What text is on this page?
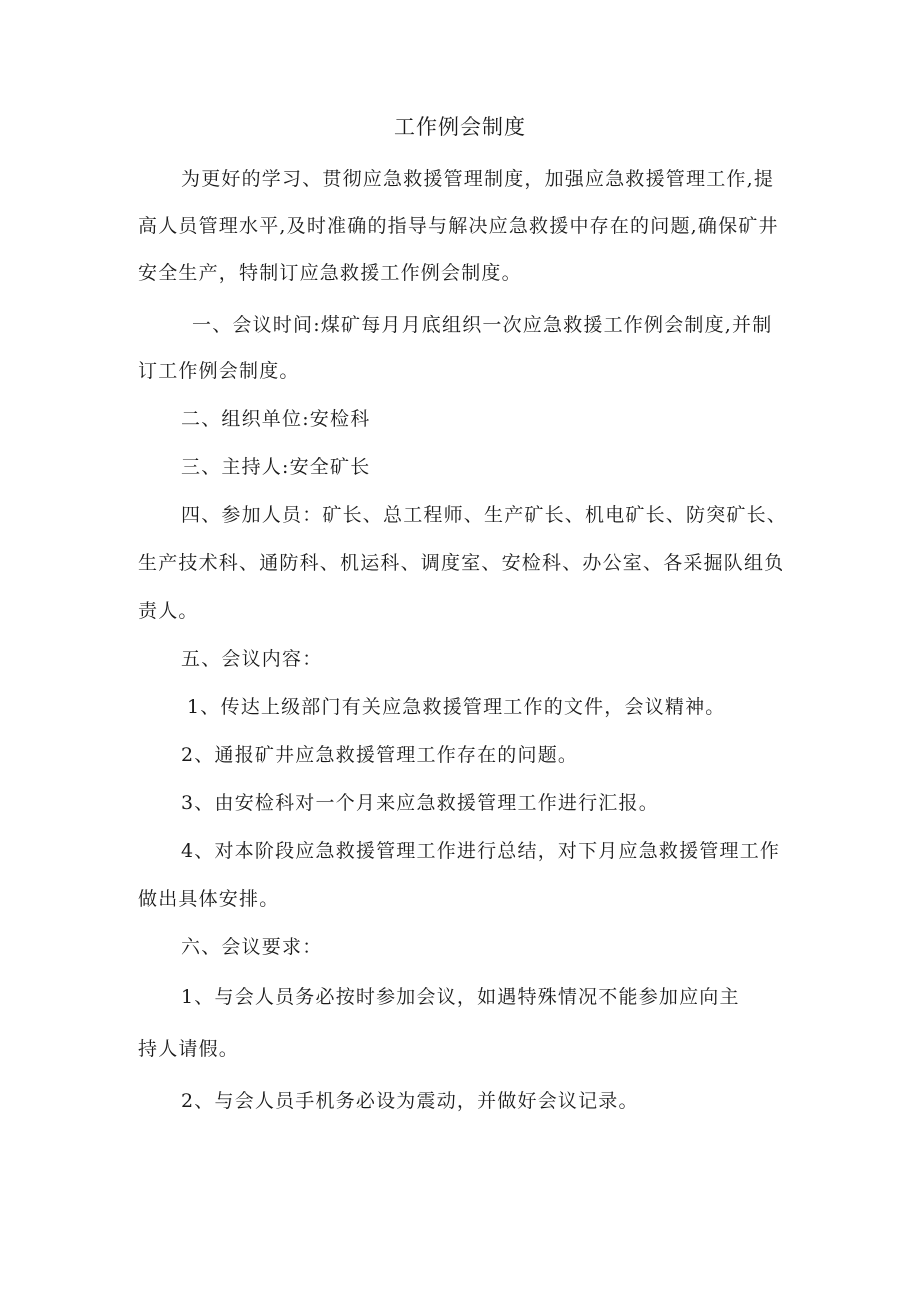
工作例会制度
为更好的学习、贯彻应急救援管理制度，加强应急救援管理工作,提
高人员管理水平,及时准确的指导与解决应急救援中存在的问题,确保矿井
安全生产，特制订应急救援工作例会制度。
一、会议时间:煤矿每月月底组织一次应急救援工作例会制度,并制
订工作例会制度。
二、组织单位:安检科
三、主持人:安全矿长
四、参加人员：矿长、总工程师、生产矿长、机电矿长、防突矿长、
生产技术科、通防科、机运科、调度室、安检科、办公室、各采掘队组负
责人。
五、会议内容：
1、传达上级部门有关应急救援管理工作的文件，会议精神。
2、通报矿井应急救援管理工作存在的问题。
3、由安检科对一个月来应急救援管理工作进行汇报。
4、对本阶段应急救援管理工作进行总结，对下月应急救援管理工作
做出具体安排。
六、会议要求：
1、与会人员务必按时参加会议，如遇特殊情况不能参加应向主
持人请假。
2、与会人员手机务必设为震动，并做好会议记录。
